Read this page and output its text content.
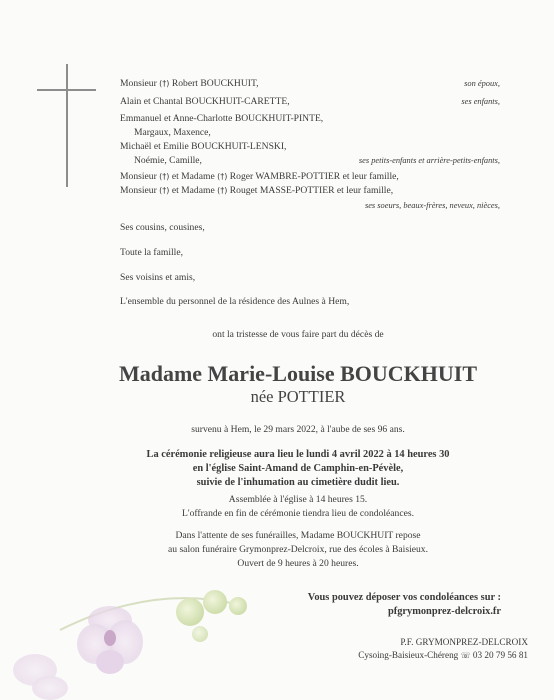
Monsieur (†) Robert BOUCKHUIT,	son époux,
Alain et Chantal BOUCKHUIT-CARETTE,	ses enfants,
Emmanuel et Anne-Charlotte BOUCKHUIT-PINTE,
Margaux, Maxence,
Michaël et Emilie BOUCKHUIT-LENSKI,
Noémie, Camille,	ses petits-enfants et arrière-petits-enfants,
Monsieur (†) et Madame (†) Roger WAMBRE-POTTIER et leur famille,
Monsieur (†) et Madame (†) Rouget MASSE-POTTIER et leur famille,
ses soeurs, beaux-frères, neveux, nièces,
Ses cousins, cousines,
Toute la famille,
Ses voisins et amis,
L'ensemble du personnel de la résidence des Aulnes à Hem,
ont la tristesse de vous faire part du décès de
Madame Marie-Louise BOUCKHUIT
née POTTIER
survenu à Hem, le 29 mars 2022, à l'aube de ses 96 ans.
La cérémonie religieuse aura lieu le lundi 4 avril 2022 à 14 heures 30
en l'église Saint-Amand de Camphin-en-Pévèle,
suivie de l'inhumation au cimetière dudit lieu.
Assemblée à l'église à 14 heures 15.
L'offrande en fin de cérémonie tiendra lieu de condoléances.
Dans l'attente de ses funérailles, Madame BOUCKHUIT repose
au salon funéraire Grymonprez-Delcroix, rue des écoles à Baisieux.
Ouvert de 9 heures à 20 heures.
Vous pouvez déposer vos condoléances sur :
pfgrymonprez-delcroix.fr
P.F. GRYMONPREZ-DELCROIX
Cysoing-Baisieux-Chéreng ☏ 03 20 79 56 81
